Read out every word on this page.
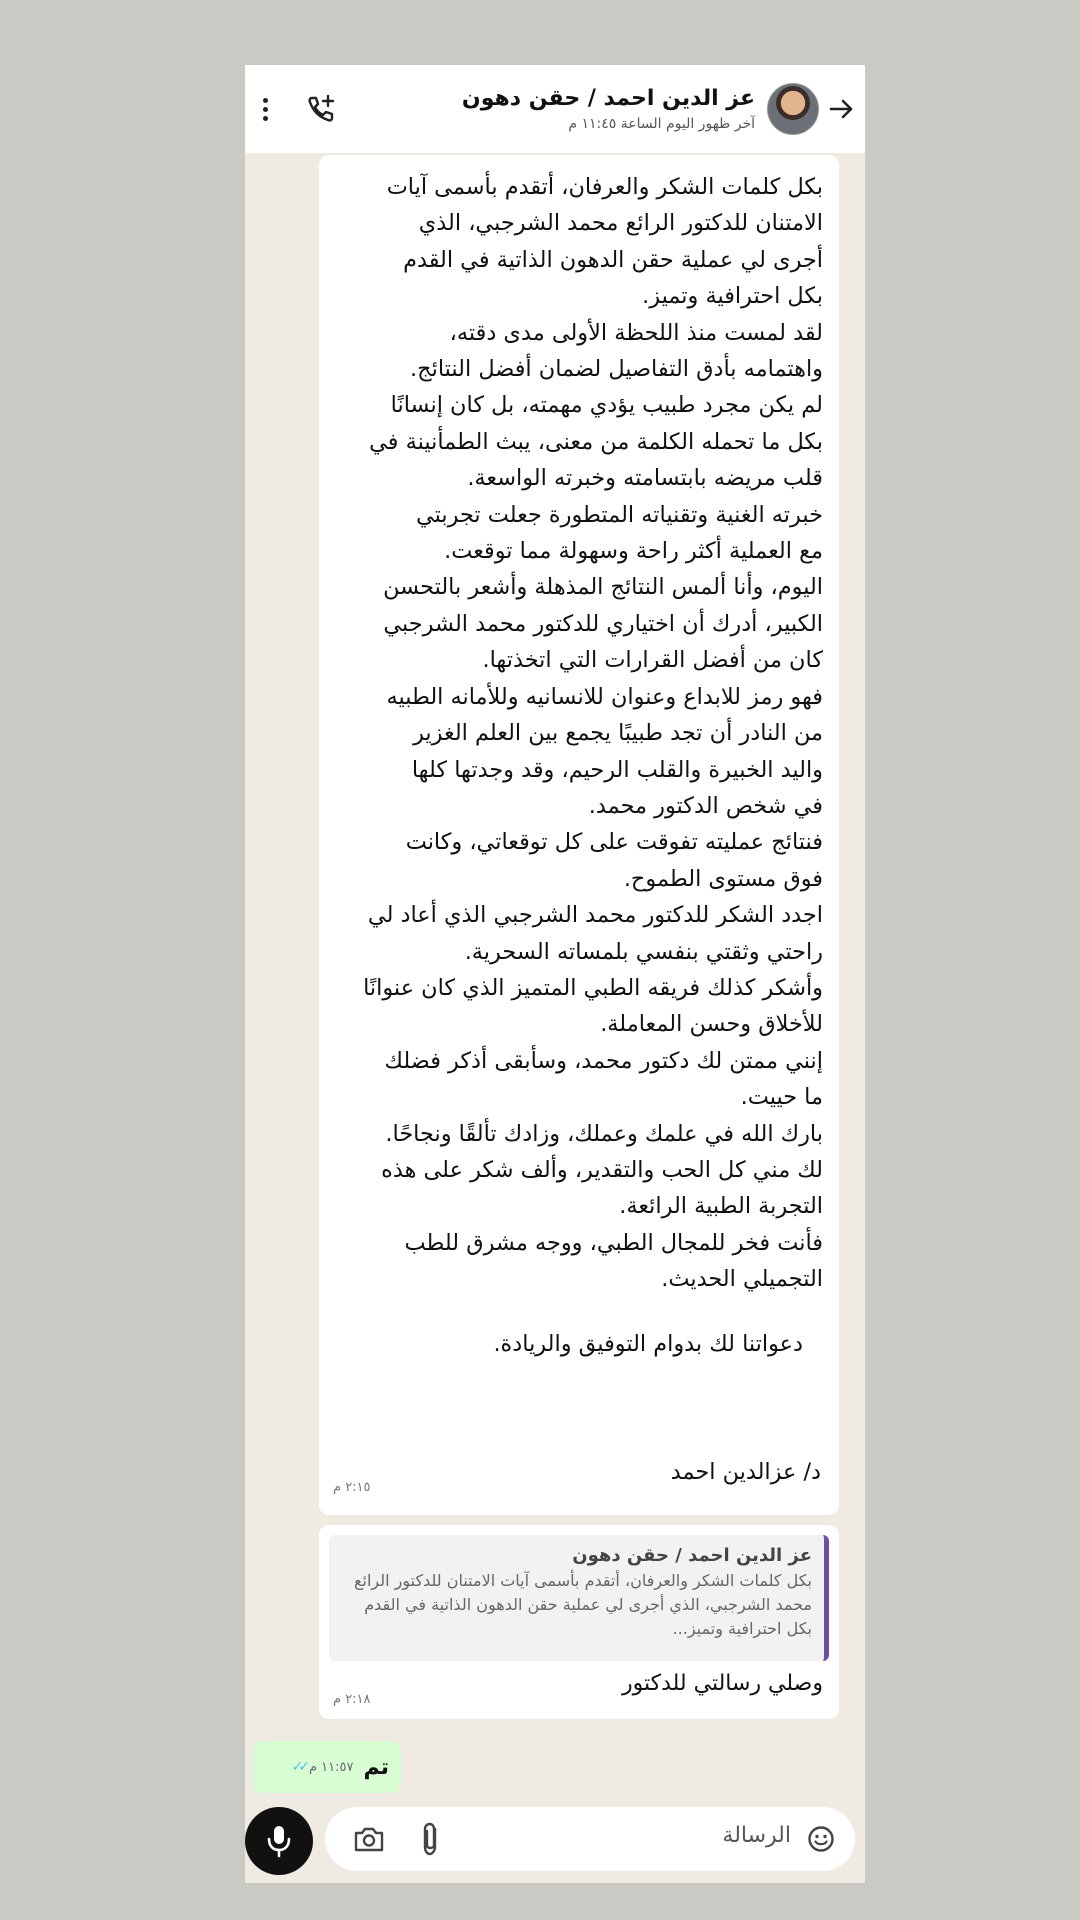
عز الدين احمد / حقن دهون
آخر ظهور اليوم الساعة ١١:٤٥ م

بكل كلمات الشكر والعرفان، أتقدم بأسمى آيات
الامتنان للدكتور الرائع محمد الشرجبي، الذي
أجرى لي عملية حقن الدهون الذاتية في القدم
بكل احترافية وتميز.
لقد لمست منذ اللحظة الأولى مدى دقته،
واهتمامه بأدق التفاصيل لضمان أفضل النتائج.
لم يكن مجرد طبيب يؤدي مهمته، بل كان إنسانًا
بكل ما تحمله الكلمة من معنى، يبث الطمأنينة في
قلب مريضه بابتسامته وخبرته الواسعة.
خبرته الغنية وتقنياته المتطورة جعلت تجربتي
مع العملية أكثر راحة وسهولة مما توقعت.
اليوم، وأنا ألمس النتائج المذهلة وأشعر بالتحسن
الكبير، أدرك أن اختياري للدكتور محمد الشرجبي
كان من أفضل القرارات التي اتخذتها.
فهو رمز للابداع وعنوان للانسانيه وللأمانه الطبيه
من النادر أن تجد طبيبًا يجمع بين العلم الغزير
واليد الخبيرة والقلب الرحيم، وقد وجدتها كلها
في شخص الدكتور محمد.
فنتائج عمليته تفوقت على كل توقعاتي، وكانت
فوق مستوى الطموح.
اجدد الشكر للدكتور محمد الشرجبي الذي أعاد لي
راحتي وثقتي بنفسي بلمساته السحرية.
وأشكر كذلك فريقه الطبي المتميز الذي كان عنوانًا
للأخلاق وحسن المعاملة.
إنني ممتن لك دكتور محمد، وسأبقى أذكر فضلك
ما حييت.
بارك الله في علمك وعملك، وزادك تألقًا ونجاحًا.
لك مني كل الحب والتقدير، وألف شكر على هذه
التجربة الطبية الرائعة.
فأنت فخر للمجال الطبي، ووجه مشرق للطب
التجميلي الحديث.

دعواتنا لك بدوام التوفيق والريادة.

د/ عزالدين احمد
٢:١٥ م
عز الدين احمد / حقن دهون
بكل كلمات الشكر والعرفان، أتقدم بأسمى آيات الامتنان للدكتور الرائع محمد الشرجبي، الذي أجرى لي عملية حقن الدهون الذاتية في القدم بكل احترافية وتميز...
وصلي رسالتي للدكتور
٢:١٨ م
تم
✓✓ ١١:٥٧ م
الرسالة
